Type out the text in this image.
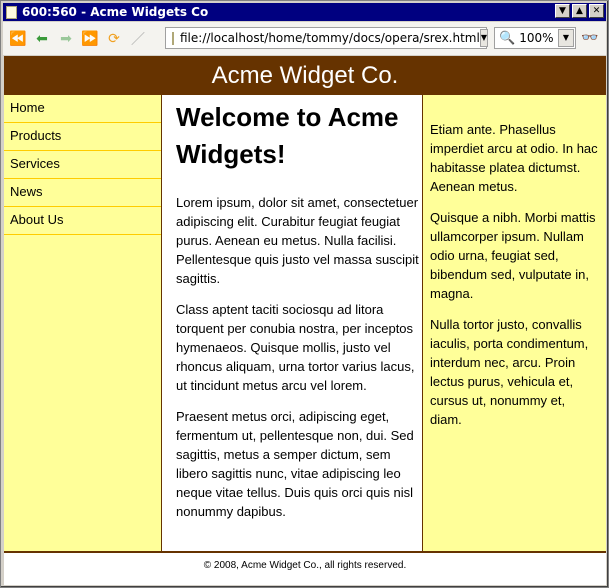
600:560 - Acme Widgets Co	▼	▲	✕
⏪ ⬅ ➡ ⏩ ⟳ ／	file://localhost/home/tommy/docs/opera/srex.html ▼ 🔍 100%	▼ 👓
Acme Widget Co.
Home
Products
Services
News
About Us
Welcome to Acme Widgets!

Lorem ipsum, dolor sit amet, consectetuer adipiscing elit. Curabitur feugiat feugiat purus. Aenean eu metus. Nulla facilisi. Pellentesque quis justo vel massa suscipit sagittis.

Class aptent taciti sociosqu ad litora torquent per conubia nostra, per inceptos hymenaeos. Quisque mollis, justo vel rhoncus aliquam, urna tortor varius lacus, ut tincidunt metus arcu vel lorem.

Praesent metus orci, adipiscing eget, fermentum ut, pellentesque non, dui. Sed sagittis, metus a semper dictum, sem libero sagittis nunc, vitae adipiscing leo neque vitae tellus. Duis quis orci quis nisl nonummy dapibus.

Etiam ante. Phasellus imperdiet arcu at odio. In hac habitasse platea dictumst. Aenean metus.

Quisque a nibh. Morbi mattis ullamcorper ipsum. Nullam odio urna, feugiat sed, bibendum sed, vulputate in, magna.

Nulla tortor justo, convallis iaculis, porta condimentum, interdum nec, arcu. Proin lectus purus, vehicula et, cursus ut, nonummy et, diam.

© 2008, Acme Widget Co., all rights reserved.
